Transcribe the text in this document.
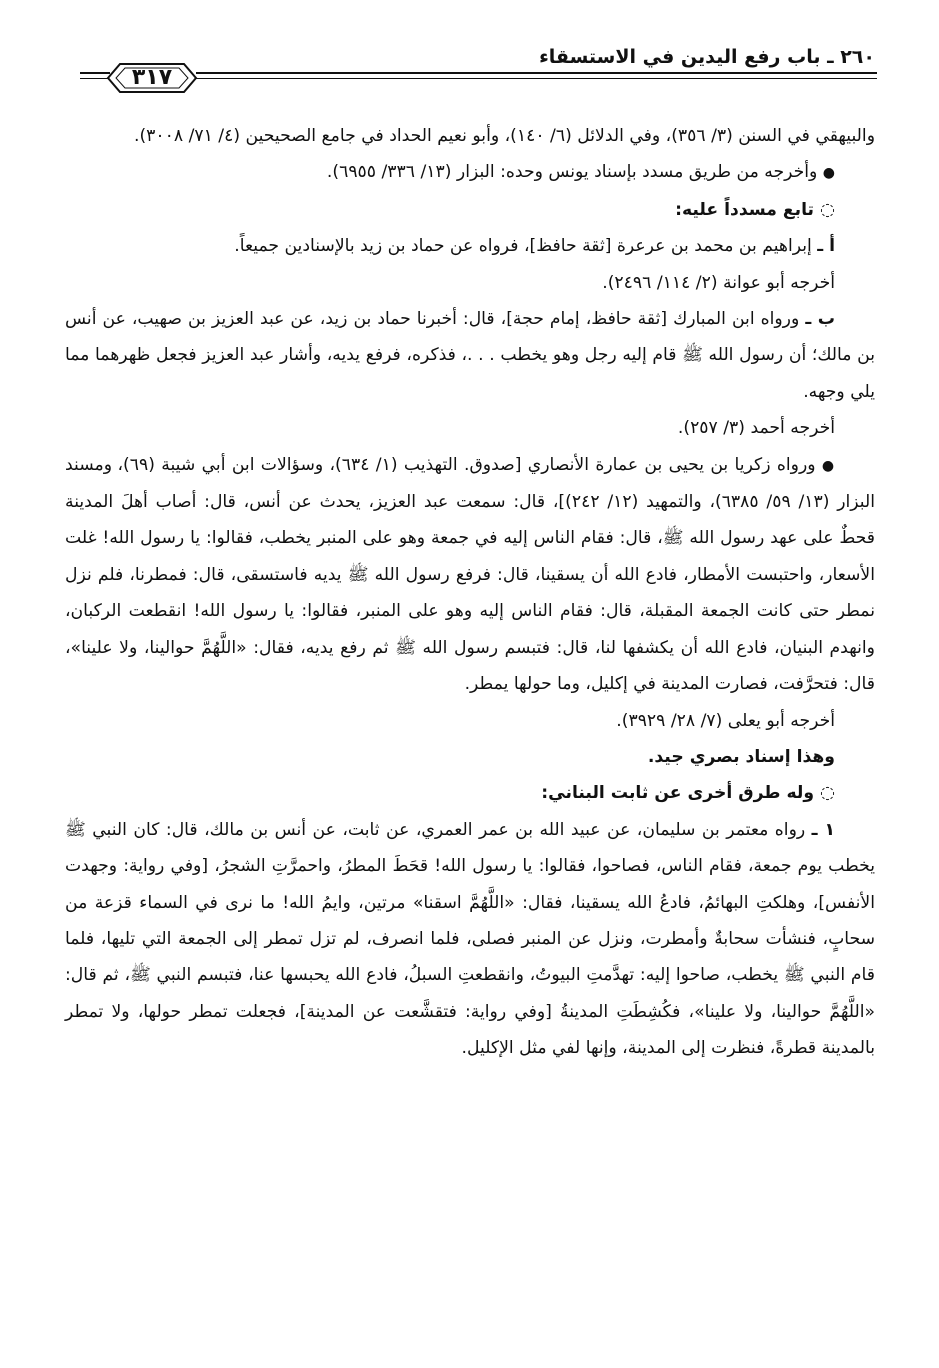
٢٦٠ ـ باب رفع اليدين في الاستسقاء
٣١٧

والبيهقي في السنن (٣/ ٣٥٦)، وفي الدلائل (٦/ ١٤٠)، وأبو نعيم الحداد في جامع الصحيحين (٤/ ٧١/ ٣٠٠٨).

● وأخرجه من طريق مسدد بإسناد يونس وحده: البزار (١٣/ ٣٣٦/ ٦٩٥٥).

◌ تابع مسدداً عليه:

أ ـ إبراهيم بن محمد بن عرعرة [ثقة حافظ]، فرواه عن حماد بن زيد بالإسنادين جميعاً.

أخرجه أبو عوانة (٢/ ١١٤/ ٢٤٩٦).

ب ـ ورواه ابن المبارك [ثقة حافظ، إمام حجة]، قال: أخبرنا حماد بن زيد، عن عبد العزيز بن صهيب، عن أنس بن مالك؛ أن رسول الله ﷺ قام إليه رجل وهو يخطب . . .، فذكره، فرفع يديه، وأشار عبد العزيز فجعل ظهرهما مما يلي وجهه.

أخرجه أحمد (٣/ ٢٥٧).

● ورواه زكريا بن يحيى بن عمارة الأنصاري [صدوق. التهذيب (١/ ٦٣٤)، وسؤالات ابن أبي شيبة (٦٩)، ومسند البزار (١٣/ ٥٩/ ٦٣٨٥)، والتمهيد (١٢/ ٢٤٢)]، قال: سمعت عبد العزيز، يحدث عن أنس، قال: أصاب أهلَ المدينة قحطٌ على عهد رسول الله ﷺ، قال: فقام الناس إليه في جمعة وهو على المنبر يخطب، فقالوا: يا رسول الله! غلت الأسعار، واحتبست الأمطار، فادع الله أن يسقينا، قال: فرفع رسول الله ﷺ يديه فاستسقى، قال: فمطرنا، فلم نزل نمطر حتى كانت الجمعة المقبلة، قال: فقام الناس إليه وهو على المنبر، فقالوا: يا رسول الله! انقطعت الركبان، وانهدم البنيان، فادع الله أن يكشفها لنا، قال: فتبسم رسول الله ﷺ ثم رفع يديه، فقال: «اللَّهُمَّ حوالينا، ولا علينا»، قال: فتحرَّفت، فصارت المدينة في إكليل، وما حولها يمطر.

أخرجه أبو يعلى (٧/ ٢٨/ ٣٩٢٩).

وهذا إسناد بصري جيد.

◌ وله طرق أخرى عن ثابت البناني:

١ ـ رواه معتمر بن سليمان، عن عبيد الله بن عمر العمري، عن ثابت، عن أنس بن مالك، قال: كان النبي ﷺ يخطب يوم جمعة، فقام الناس، فصاحوا، فقالوا: يا رسول الله! قحَطَ المطرُ، واحمرَّتِ الشجرُ، [وفي رواية: وجهدت الأنفس]، وهلكتِ البهائمُ، فادعُ الله يسقينا، فقال: «اللَّهُمَّ اسقنا» مرتين، وايمُ الله! ما نرى في السماء قزعة من سحابٍ، فنشأت سحابةٌ وأمطرت، ونزل عن المنبر فصلى، فلما انصرف، لم تزل تمطر إلى الجمعة التي تليها، فلما قام النبي ﷺ يخطب، صاحوا إليه: تهدَّمتِ البيوتُ، وانقطعتِ السبلُ، فادع الله يحبسها عنا، فتبسم النبي ﷺ، ثم قال: «اللَّهُمَّ حوالينا، ولا علينا»، فكُشِطَتِ المدينةُ [وفي رواية: فتقشَّعت عن المدينة]، فجعلت تمطر حولها، ولا تمطر بالمدينة قطرةً، فنظرت إلى المدينة، وإنها لفي مثل الإكليل.
